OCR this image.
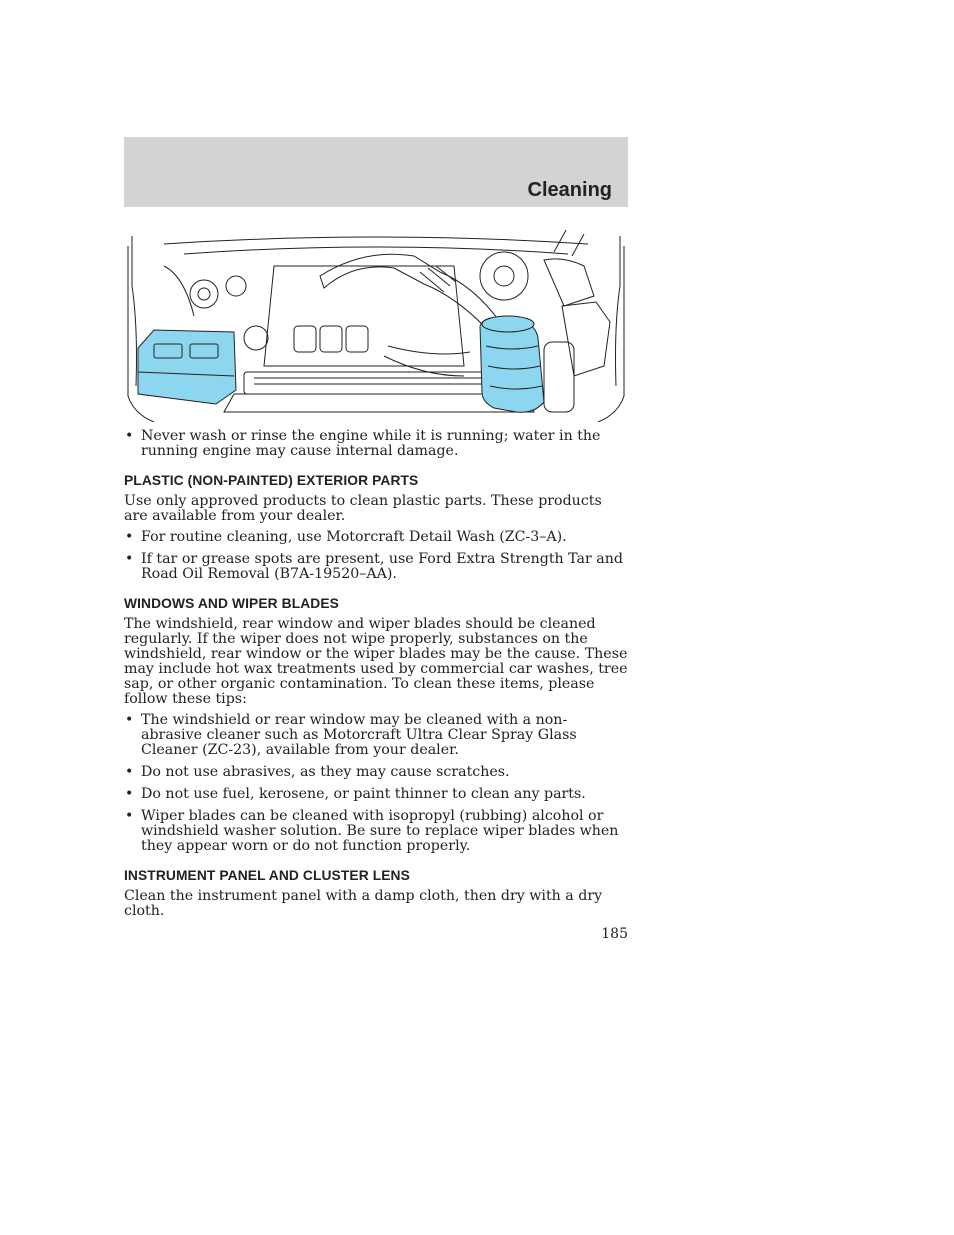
Cleaning
• Never wash or rinse the engine while it is running; water in the running engine may cause internal damage.
PLASTIC (NON-PAINTED) EXTERIOR PARTS
Use only approved products to clean plastic parts. These products are available from your dealer.
• For routine cleaning, use Motorcraft Detail Wash (ZC-3–A).
• If tar or grease spots are present, use Ford Extra Strength Tar and Road Oil Removal (B7A-19520–AA).
WINDOWS AND WIPER BLADES
The windshield, rear window and wiper blades should be cleaned regularly. If the wiper does not wipe properly, substances on the windshield, rear window or the wiper blades may be the cause. These may include hot wax treatments used by commercial car washes, tree sap, or other organic contamination. To clean these items, please follow these tips:
• The windshield or rear window may be cleaned with a non-abrasive cleaner such as Motorcraft Ultra Clear Spray Glass Cleaner (ZC-23), available from your dealer.
• Do not use abrasives, as they may cause scratches.
• Do not use fuel, kerosene, or paint thinner to clean any parts.
• Wiper blades can be cleaned with isopropyl (rubbing) alcohol or windshield washer solution. Be sure to replace wiper blades when they appear worn or do not function properly.
INSTRUMENT PANEL AND CLUSTER LENS
Clean the instrument panel with a damp cloth, then dry with a dry cloth.
185
